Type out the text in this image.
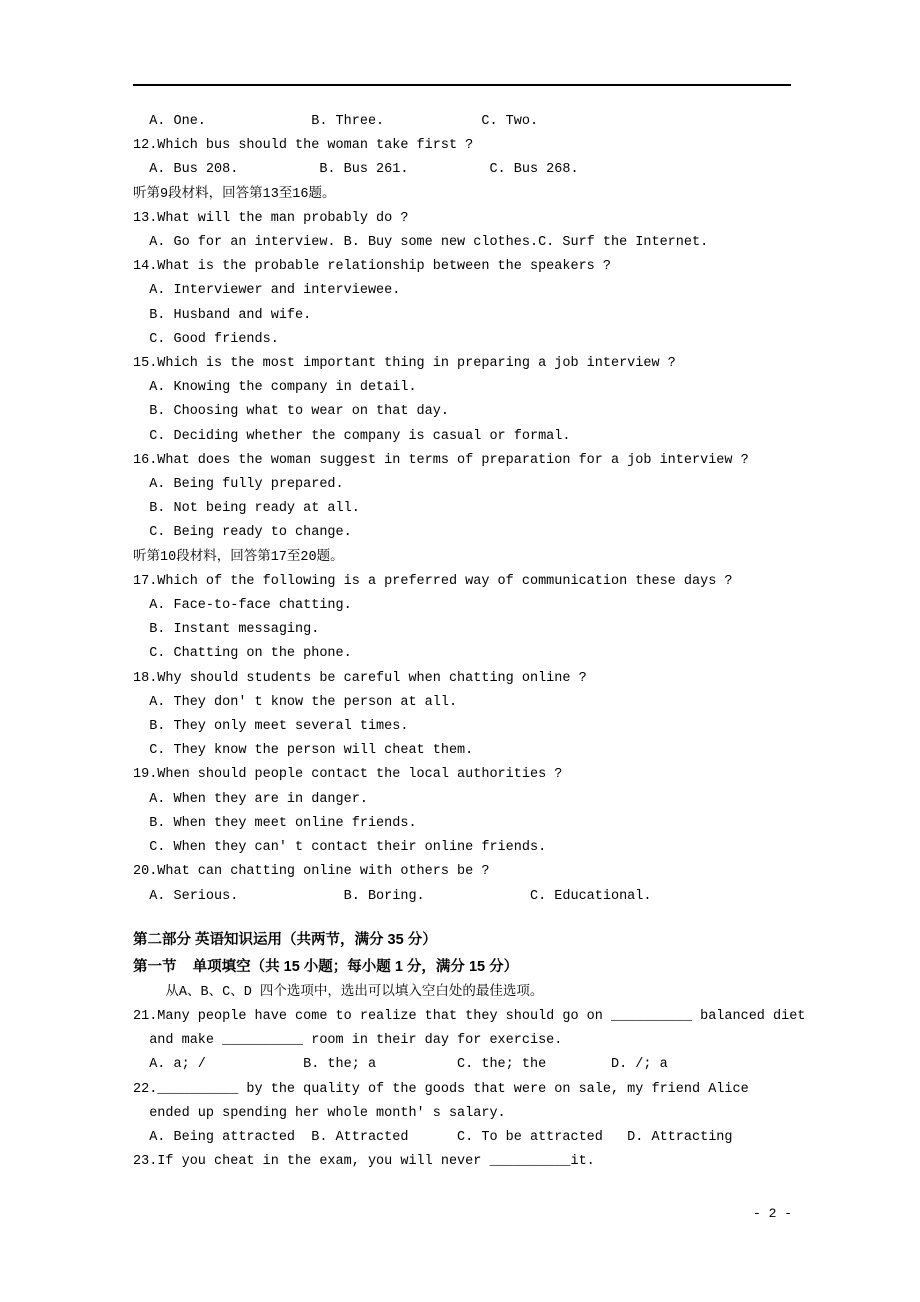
A. One.             B. Three.            C. Two.
12.Which bus should the woman take first ?
A. Bus 208.          B. Bus 261.          C. Bus 268.
听第9段材料，回答第13至16题。
13.What will the man probably do ?
A. Go for an interview. B. Buy some new clothes.C. Surf the Internet.
14.What is the probable relationship between the speakers ?
A. Interviewer and interviewee.
B. Husband and wife.
C. Good friends.
15.Which is the most important thing in preparing a job interview ?
A. Knowing the company in detail.
B. Choosing what to wear on that day.
C. Deciding whether the company is casual or formal.
16.What does the woman suggest in terms of preparation for a job interview ?
A. Being fully prepared.
B. Not being ready at all.
C. Being ready to change.
听第10段材料，回答第17至20题。
17.Which of the following is a preferred way of communication these days ?
A. Face-to-face chatting.
B. Instant messaging.
C. Chatting on the phone.
18.Why should students be careful when chatting online ?
A. They don' t know the person at all.
B. They only meet several times.
C. They know the person will cheat them.
19.When should people contact the local authorities ?
A. When they are in danger.
B. When they meet online friends.
C. When they can' t contact their online friends.
20.What can chatting online with others be ?
A. Serious.             B. Boring.             C. Educational.
第二部分 英语知识运用（共两节，满分 35 分）
第一节    单项填空（共 15 小题；每小题 1 分，满分 15 分）
从A、B、C、D 四个选项中，选出可以填入空白处的最佳选项。
21.Many people have come to realize that they should go on __________ balanced diet
and make __________ room in their day for exercise.
A. a; /            B. the; a          C. the; the        D. /; a
22.__________ by the quality of the goods that were on sale, my friend Alice
ended up spending her whole month' s salary.
A. Being attracted  B. Attracted      C. To be attracted   D. Attracting
23.If you cheat in the exam, you will never __________it.
- 2 -
